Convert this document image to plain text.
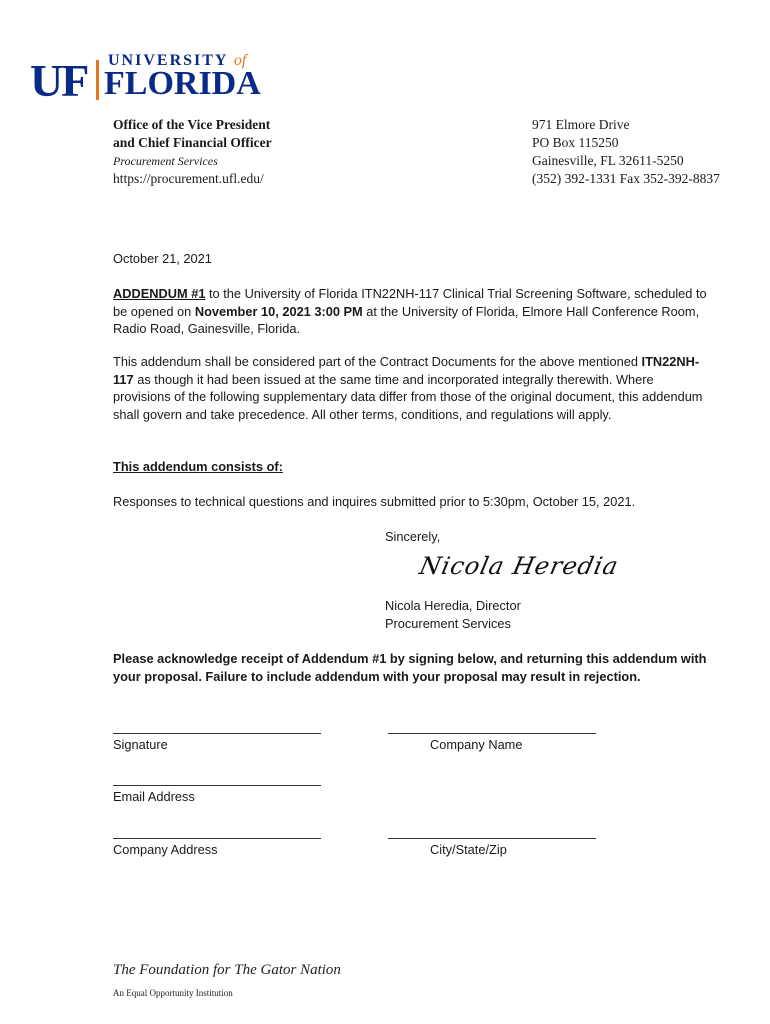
UF UNIVERSITY of
FLORIDA
Office of the Vice President
and Chief Financial Officer
Procurement Services
https://procurement.ufl.edu/
971 Elmore Drive
PO Box 115250
Gainesville, FL 32611-5250
(352) 392-1331 Fax 352-392-8837
October 21, 2021

ADDENDUM #1 to the University of Florida ITN22NH-117 Clinical Trial Screening Software, scheduled to be opened on November 10, 2021 3:00 PM at the University of Florida, Elmore Hall Conference Room, Radio Road, Gainesville, Florida.

This addendum shall be considered part of the Contract Documents for the above mentioned ITN22NH-117 as though it had been issued at the same time and incorporated integrally therewith. Where provisions of the following supplementary data differ from those of the original document, this addendum shall govern and take precedence. All other terms, conditions, and regulations will apply.

This addendum consists of:
Responses to technical questions and inquires submitted prior to 5:30pm, October 15, 2021.
Sincerely,
Nicola Heredia
Nicola Heredia, Director
Procurement Services

Please acknowledge receipt of Addendum #1 by signing below, and returning this addendum with your proposal. Failure to include addendum with your proposal may result in rejection.

Signature	Company Name
Email Address
Company Address	City/State/Zip
The Foundation for The Gator Nation
An Equal Opportunity Institution
